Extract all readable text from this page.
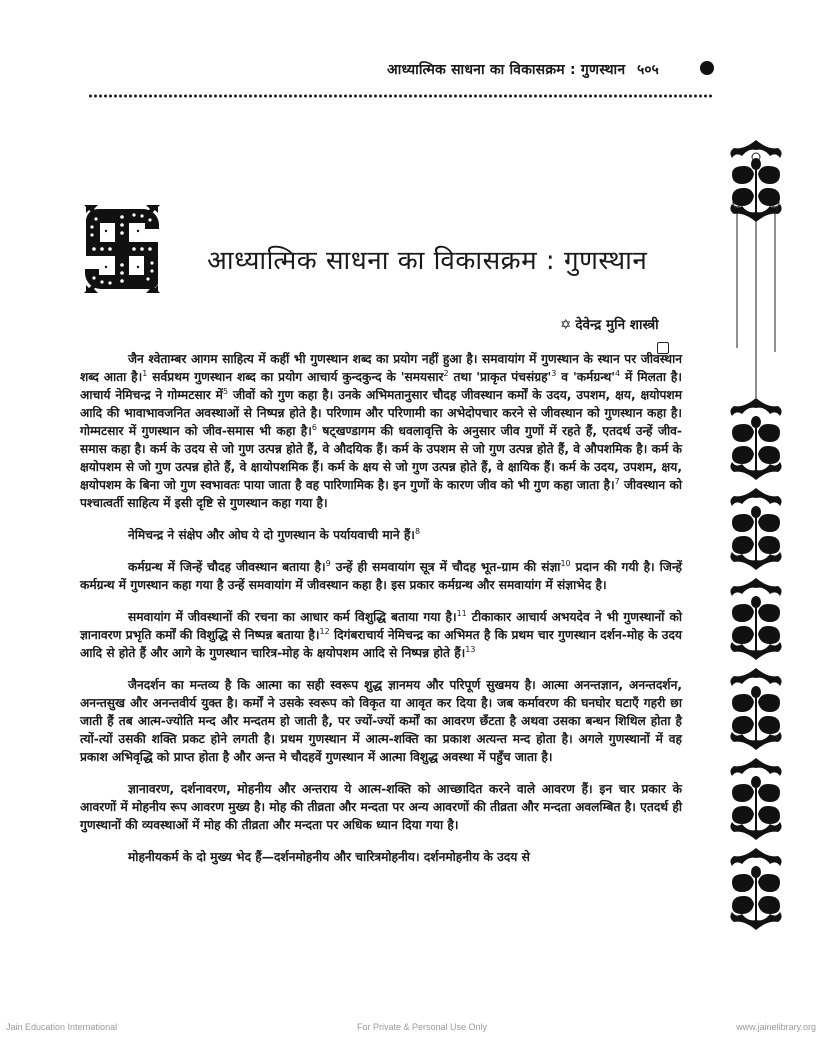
आध्यात्मिक साधना का विकासक्रम : गुणस्थान ५०५
आध्यात्मिक साधना का विकासक्रम : गुणस्थान
✡ देवेन्द्र मुनि शास्त्री

जैन श्वेताम्बर आगम साहित्य में कहीं भी गुणस्थान शब्द का प्रयोग नहीं हुआ है। समवायांग में गुणस्थान के स्थान पर जीवस्थान शब्द आता है।$^1$ सर्वप्रथम गुणस्थान शब्द का प्रयोग आचार्य कुन्दकुन्द के 'समयसार$^2$ तथा 'प्राकृत $पंचसंग्रह'^3$ व '$कर्मग्रन्थ'^4$ में मिलता है। आचार्य नेमिचन्द्र ने गोम्मटसार में$^5$ जीवों को गुण कहा है। उनके अभिमतानुसार चौदह जीवस्थान कर्मों के उदय, उपशम, क्षय, क्षयोपशम आदि की भावाभावजनित अवस्थाओं से निष्पन्न होते है। परिणाम और परिणामी का अभेदोपचार करने से जीवस्थान को गुणस्थान कहा है। गोम्मटसार में गुणस्थान को जीव-समास भी कहा है।$^6$ षट्खण्डागम की धवलावृत्ति के अनुसार जीव गुणों में रहते हैं, एतदर्थ उन्हें जीव-समास कहा है। कर्म के उदय से जो गुण उत्पन्न होते हैं, वे औदयिक हैं। कर्म के उपशम से जो गुण उत्पन्न होते हैं, वे औपशमिक है। कर्म के क्षयोपशम से जो गुण उत्पन्न होते हैं, वे क्षायोपशमिक हैं। कर्म के क्षय से जो गुण उत्पन्न होते हैं, वे क्षायिक हैं। कर्म के उदय, उपशम, क्षय, क्षयोपशम के बिना जो गुण स्वभावतः पाया जाता है वह पारिणामिक है। इन गुणों के कारण जीव को भी गुण कहा जाता है।$^7$ जीवस्थान को पश्चात्वर्ती साहित्य में इसी दृष्टि से गुणस्थान कहा गया है।

नेमिचन्द्र ने संक्षेप और ओघ ये दो गुणस्थान के पर्यायवाची माने हैं।$^8$

कर्मग्रन्थ में जिन्हें चौदह जीवस्थान बताया है।$^9$ उन्हें ही समवायांग सूत्र में चौदह भूत-ग्राम की संज्ञा$^{10}$ प्रदान की गयी है। जिन्हें कर्मग्रन्थ में गुणस्थान कहा गया है उन्हें समवायांग में जीवस्थान कहा है। इस प्रकार कर्मग्रन्थ और समवायांग में संज्ञाभेद है।

समवायांग में जीवस्थानों की रचना का आधार कर्म विशुद्धि बताया गया है।$^{11}$ टीकाकार आचार्य अभयदेव ने भी गुणस्थानों को ज्ञानावरण प्रभृति कर्मों की विशुद्धि से निष्पन्न बताया है।$^{12}$ दिगंबराचार्य नेमिचन्द्र का अभिमत है कि प्रथम चार गुणस्थान दर्शन-मोह के उदय आदि से होते हैं और आगे के गुणस्थान चारित्र-मोह के क्षयोपशम आदि से निष्पन्न होते हैं।$^{13}$

जैनदर्शन का मन्तव्य है कि आत्मा का सही स्वरूप शुद्ध ज्ञानमय और परिपूर्ण सुखमय है। आत्मा अनन्तज्ञान, अनन्तदर्शन, अनन्तसुख और अनन्तवीर्य युक्त है। कर्मों ने उसके स्वरूप को विकृत या आवृत कर दिया है। जब कर्मावरण की घनघोर घटाएँ गहरी छा जाती हैं तब आत्म-ज्योति मन्द और मन्दतम हो जाती है, पर ज्यों-ज्यों कर्मों का आवरण छँटता है अथवा उसका बन्धन शिथिल होता है त्यों-त्यों उसकी शक्ति प्रकट होने लगती है। प्रथम गुणस्थान में आत्म-शक्ति का प्रकाश अत्यन्त मन्द होता है। अगले गुणस्थानों में वह प्रकाश अभिवृद्धि को प्राप्त होता है और अन्त मे चौदहवें गुणस्थान में आत्मा विशुद्ध अवस्था में पहुँच जाता है।

ज्ञानावरण, दर्शनावरण, मोहनीय और अन्तराय ये आत्म-शक्ति को आच्छादित करने वाले आवरण हैं। इन चार प्रकार के आवरणों में मोहनीय रूप आवरण मुख्य है। मोह की तीव्रता और मन्दता पर अन्य आवरणों की तीव्रता और मन्दता अवलम्बित है। एतदर्थ ही गुणस्थानों की व्यवस्थाओं में मोह की तीव्रता और मन्दता पर अधिक ध्यान दिया गया है।

मोहनीयकर्म के दो मुख्य भेद हैं—दर्शनमोहनीय और चारित्रमोहनीय। दर्शनमोहनीय के उदय से

Jain Education International	For Private & Personal Use Only	www.jainelibrary.org
